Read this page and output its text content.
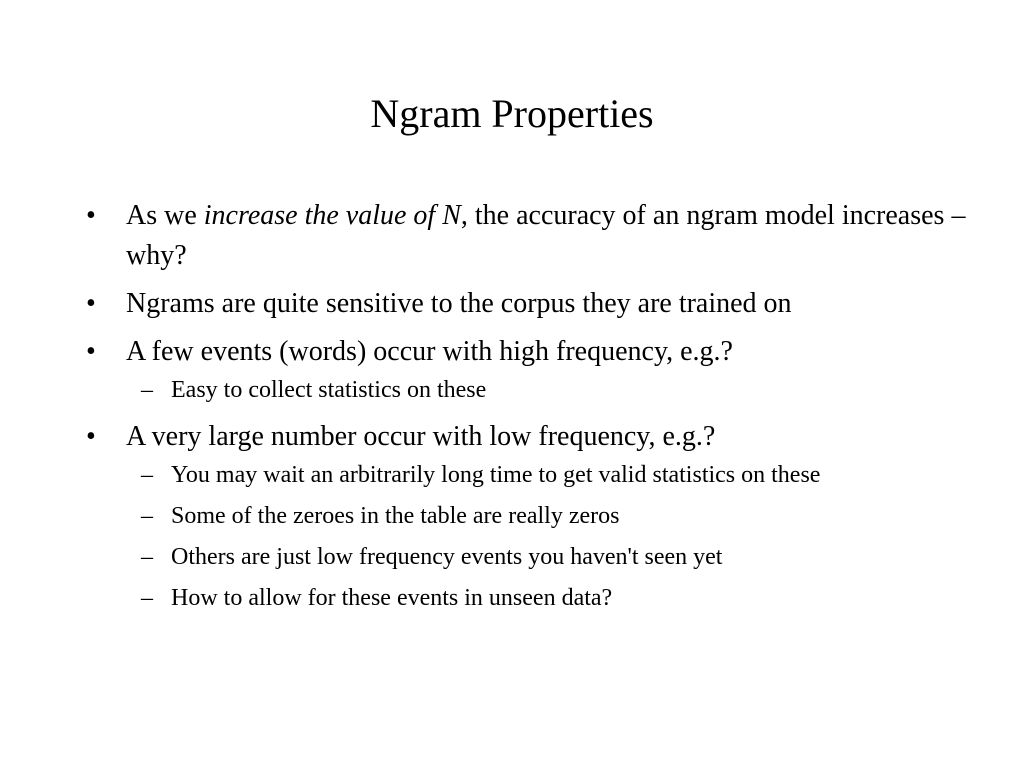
Ngram Properties
• As we increase the value of N, the accuracy of an ngram model increases – why?
• Ngrams are quite sensitive to the corpus they are trained on
• A few events (words) occur with high frequency, e.g.?
– Easy to collect statistics on these
• A very large number occur with low frequency, e.g.?
– You may wait an arbitrarily long time to get valid statistics on these
– Some of the zeroes in the table are really zeros
– Others are just low frequency events you haven't seen yet
– How to allow for these events in unseen data?
